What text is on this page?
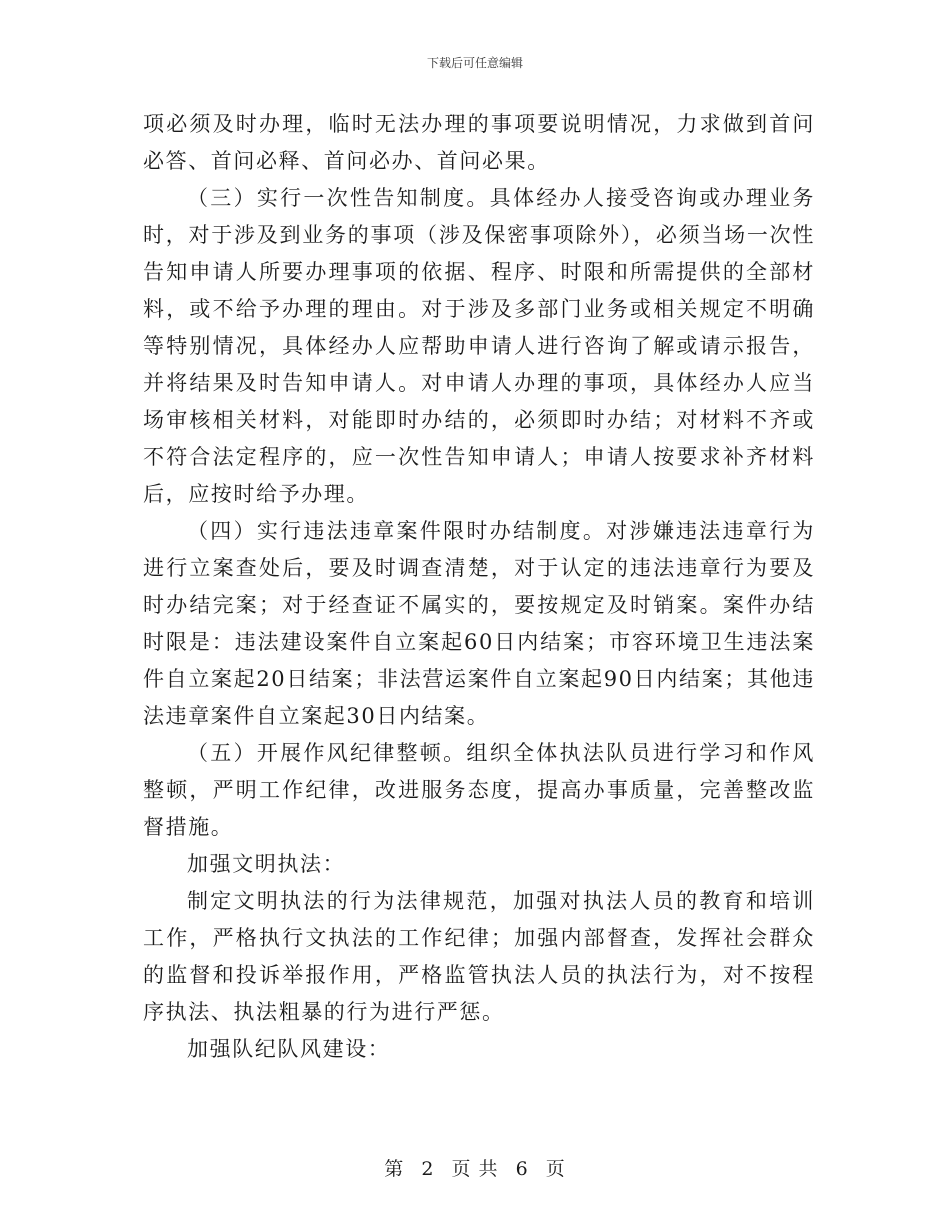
下载后可任意编辑

项必须及时办理，临时无法办理的事项要说明情况，力求做到首问必答、首问必释、首问必办、首问必果。

（三）实行一次性告知制度。具体经办人接受咨询或办理业务时，对于涉及到业务的事项（涉及保密事项除外），必须当场一次性告知申请人所要办理事项的依据、程序、时限和所需提供的全部材料，或不给予办理的理由。对于涉及多部门业务或相关规定不明确等特别情况，具体经办人应帮助申请人进行咨询了解或请示报告，并将结果及时告知申请人。对申请人办理的事项，具体经办人应当场审核相关材料，对能即时办结的，必须即时办结；对材料不齐或不符合法定程序的，应一次性告知申请人；申请人按要求补齐材料后，应按时给予办理。

（四）实行违法违章案件限时办结制度。对涉嫌违法违章行为进行立案查处后，要及时调查清楚，对于认定的违法违章行为要及时办结完案；对于经查证不属实的，要按规定及时销案。案件办结时限是：违法建设案件自立案起60日内结案；市容环境卫生违法案件自立案起20日结案；非法营运案件自立案起90日内结案；其他违法违章案件自立案起30日内结案。

（五）开展作风纪律整顿。组织全体执法队员进行学习和作风整顿，严明工作纪律，改进服务态度，提高办事质量，完善整改监督措施。

加强文明执法：

制定文明执法的行为法律规范，加强对执法人员的教育和培训工作，严格执行文执法的工作纪律；加强内部督查，发挥社会群众的监督和投诉举报作用，严格监管执法人员的执法行为，对不按程序执法、执法粗暴的行为进行严惩。

加强队纪队风建设：

第 2 页 共 6 页
